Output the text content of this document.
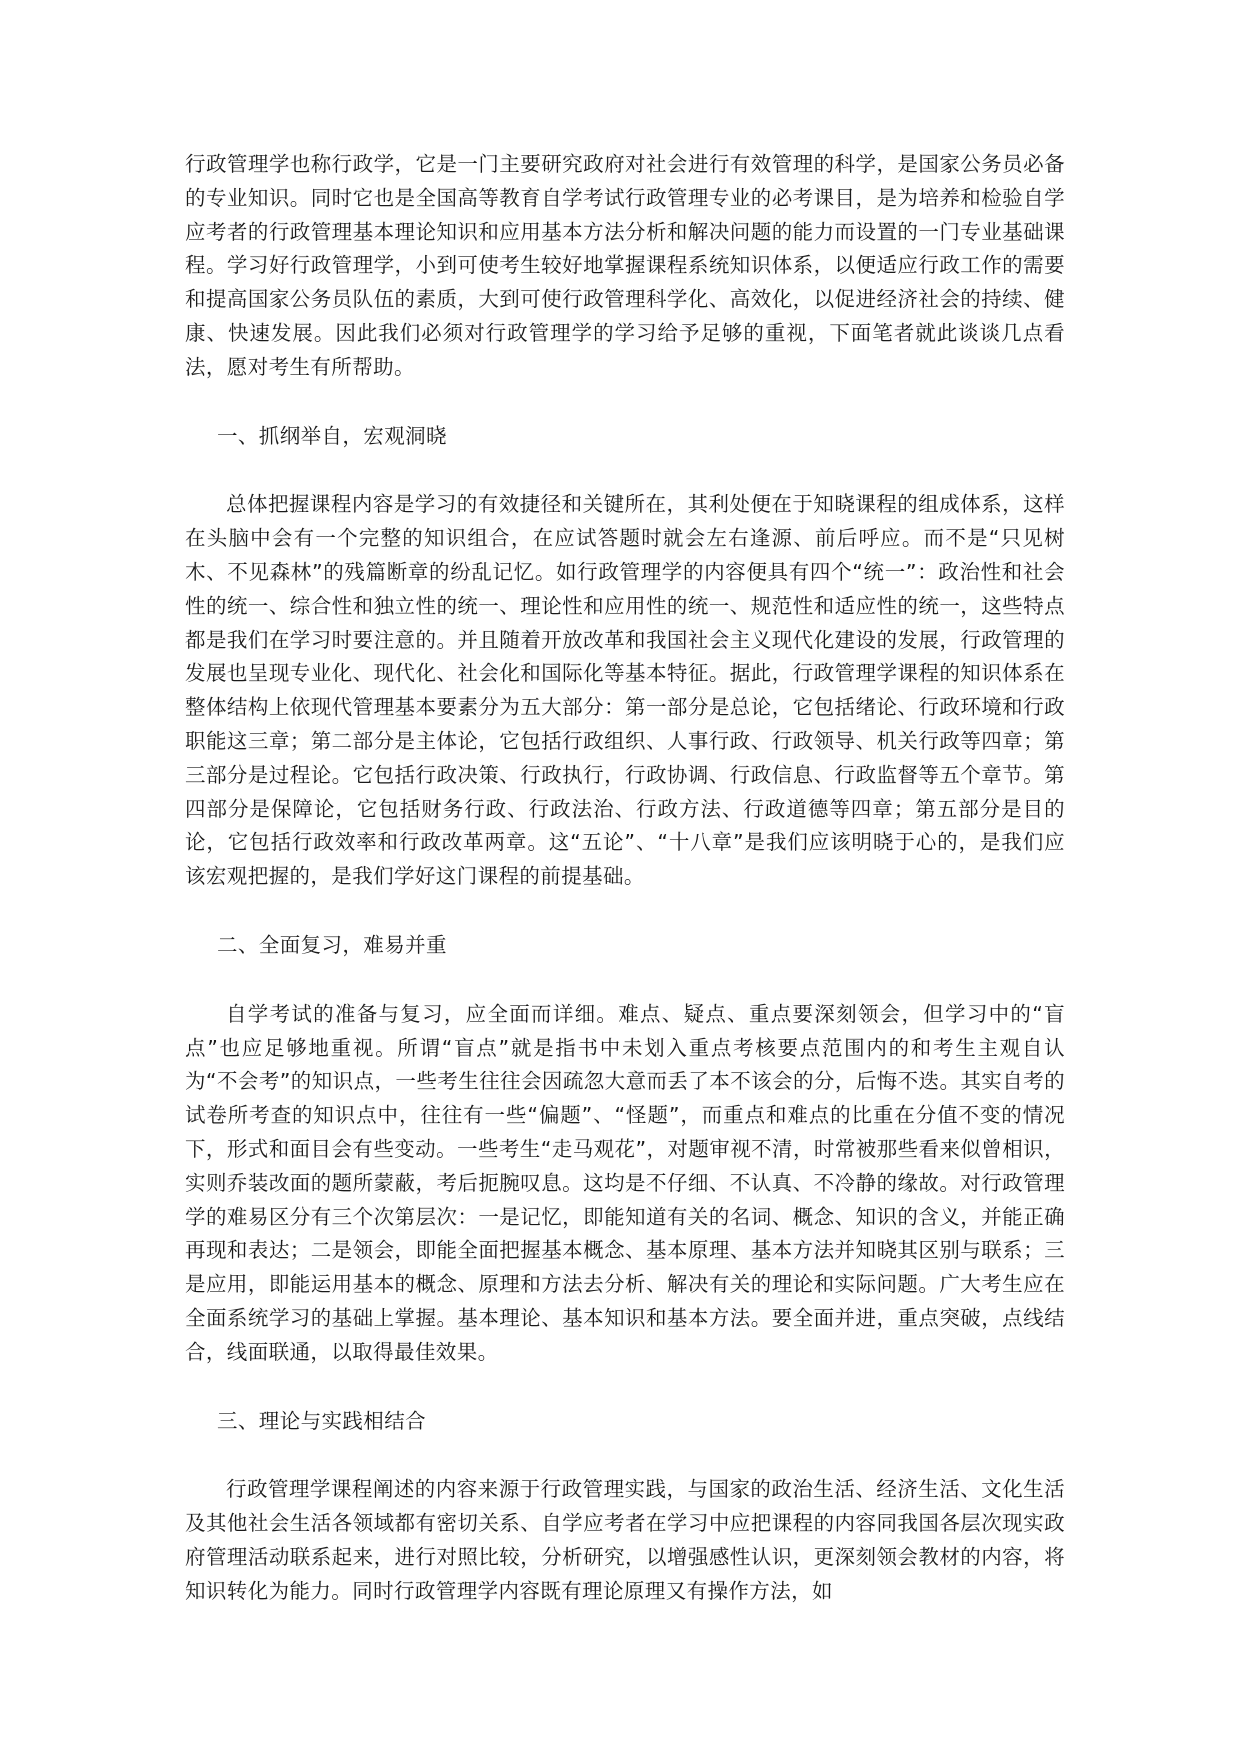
行政管理学也称行政学，它是一门主要研究政府对社会进行有效管理的科学，是国家公务员必备的专业知识。同时它也是全国高等教育自学考试行政管理专业的必考课目，是为培养和检验自学应考者的行政管理基本理论知识和应用基本方法分析和解决问题的能力而设置的一门专业基础课程。学习好行政管理学，小到可使考生较好地掌握课程系统知识体系，以便适应行政工作的需要和提高国家公务员队伍的素质，大到可使行政管理科学化、高效化，以促进经济社会的持续、健康、快速发展。因此我们必须对行政管理学的学习给予足够的重视，下面笔者就此谈谈几点看法，愿对考生有所帮助。

一、抓纲举自，宏观洞晓

总体把握课程内容是学习的有效捷径和关键所在，其利处便在于知晓课程的组成体系，这样在头脑中会有一个完整的知识组合，在应试答题时就会左右逢源、前后呼应。而不是“只见树木、不见森林”的残篇断章的纷乱记忆。如行政管理学的内容便具有四个“统一”：政治性和社会性的统一、综合性和独立性的统一、理论性和应用性的统一、规范性和适应性的统一，这些特点都是我们在学习时要注意的。并且随着开放改革和我国社会主义现代化建设的发展，行政管理的发展也呈现专业化、现代化、社会化和国际化等基本特征。据此，行政管理学课程的知识体系在整体结构上依现代管理基本要素分为五大部分：第一部分是总论，它包括绪论、行政环境和行政职能这三章；第二部分是主体论，它包括行政组织、人事行政、行政领导、机关行政等四章；第三部分是过程论。它包括行政决策、行政执行，行政协调、行政信息、行政监督等五个章节。第四部分是保障论，它包括财务行政、行政法治、行政方法、行政道德等四章；第五部分是目的论，它包括行政效率和行政改革两章。这“五论”、“十八章”是我们应该明晓于心的，是我们应该宏观把握的，是我们学好这门课程的前提基础。

二、全面复习，难易并重

自学考试的准备与复习，应全面而详细。难点、疑点、重点要深刻领会，但学习中的“盲点”也应足够地重视。所谓“盲点”就是指书中未划入重点考核要点范围内的和考生主观自认为“不会考”的知识点，一些考生往往会因疏忽大意而丢了本不该会的分，后悔不迭。其实自考的试卷所考查的知识点中，往往有一些“偏题”、“怪题”，而重点和难点的比重在分值不变的情况下，形式和面目会有些变动。一些考生“走马观花”，对题审视不清，时常被那些看来似曾相识，实则乔装改面的题所蒙蔽，考后扼腕叹息。这均是不仔细、不认真、不冷静的缘故。对行政管理学的难易区分有三个次第层次：一是记忆，即能知道有关的名词、概念、知识的含义，并能正确再现和表达；二是领会，即能全面把握基本概念、基本原理、基本方法并知晓其区别与联系；三是应用，即能运用基本的概念、原理和方法去分析、解决有关的理论和实际问题。广大考生应在全面系统学习的基础上掌握。基本理论、基本知识和基本方法。要全面并进，重点突破，点线结合，线面联通，以取得最佳效果。

三、理论与实践相结合

行政管理学课程阐述的内容来源于行政管理实践，与国家的政治生活、经济生活、文化生活及其他社会生活各领域都有密切关系、自学应考者在学习中应把课程的内容同我国各层次现实政府管理活动联系起来，进行对照比较，分析研究，以增强感性认识，更深刻领会教材的内容，将知识转化为能力。同时行政管理学内容既有理论原理又有操作方法，如
